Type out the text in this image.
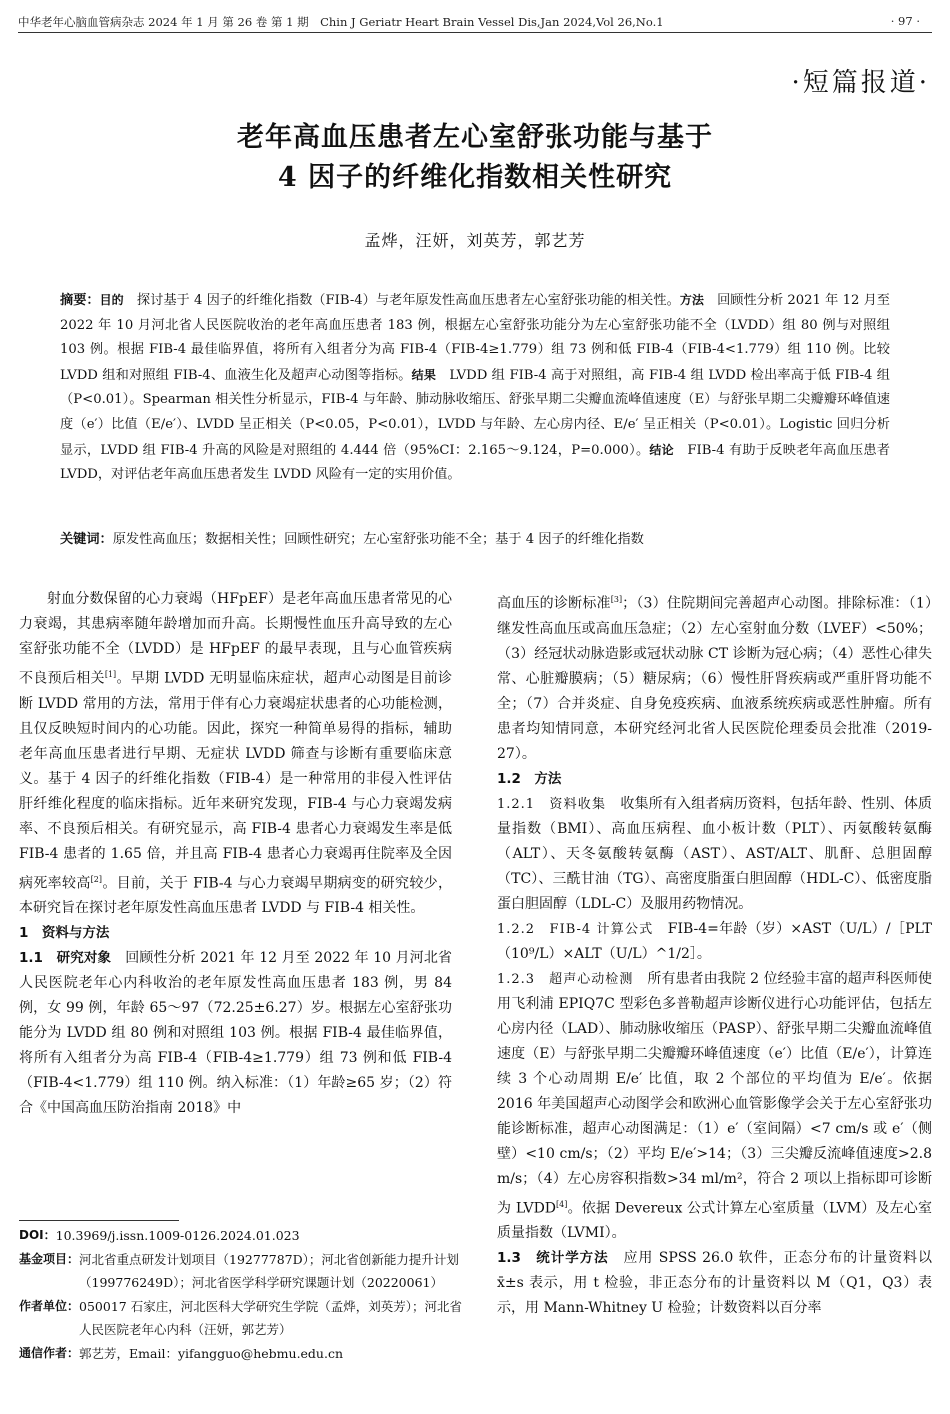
中华老年心脑血管病杂志 2024 年 1 月 第 26 卷 第 1 期　Chin J Geriatr Heart Brain Vessel Dis,Jan 2024,Vol 26,No.1	· 97 ·
·短篇报道·
老年高血压患者左心室舒张功能与基于
4 因子的纤维化指数相关性研究
孟烨，汪妍，刘英芳，郭艺芳
摘要：目的　探讨基于 4 因子的纤维化指数（FIB-4）与老年原发性高血压患者左心室舒张功能的相关性。方法　回顾性分析 2021 年 12 月至 2022 年 10 月河北省人民医院收治的老年高血压患者 183 例，根据左心室舒张功能分为左心室舒张功能不全（LVDD）组 80 例与对照组 103 例。根据 FIB-4 最佳临界值，将所有入组者分为高 FIB-4（FIB-4≥1.779）组 73 例和低 FIB-4（FIB-4<1.779）组 110 例。比较 LVDD 组和对照组 FIB-4、血液生化及超声心动图等指标。结果　LVDD 组 FIB-4 高于对照组，高 FIB-4 组 LVDD 检出率高于低 FIB-4 组（P<0.01）。Spearman 相关性分析显示，FIB-4 与年龄、肺动脉收缩压、舒张早期二尖瓣血流峰值速度（E）与舒张早期二尖瓣瓣环峰值速度（e′）比值（E/e′）、LVDD 呈正相关（P<0.05，P<0.01），LVDD 与年龄、左心房内径、E/e′ 呈正相关（P<0.01）。Logistic 回归分析显示，LVDD 组 FIB-4 升高的风险是对照组的 4.444 倍（95%CI：2.165～9.124，P=0.000）。结论　FIB-4 有助于反映老年高血压患者 LVDD，对评估老年高血压患者发生 LVDD 风险有一定的实用价值。
关键词：原发性高血压；数据相关性；回顾性研究；左心室舒张功能不全；基于 4 因子的纤维化指数

射血分数保留的心力衰竭（HFpEF）是老年高血压患者常见的心力衰竭，其患病率随年龄增加而升高。长期慢性血压升高导致的左心室舒张功能不全（LVDD）是 HFpEF 的最早表现，且与心血管疾病不良预后相关[1]。早期 LVDD 无明显临床症状，超声心动图是目前诊断 LVDD 常用的方法，常用于伴有心力衰竭症状患者的心功能检测，且仅反映短时间内的心功能。因此，探究一种简单易得的指标，辅助老年高血压患者进行早期、无症状 LVDD 筛查与诊断有重要临床意义。基于 4 因子的纤维化指数（FIB-4）是一种常用的非侵入性评估肝纤维化程度的临床指标。近年来研究发现，FIB-4 与心力衰竭发病率、不良预后相关。有研究显示，高 FIB-4 患者心力衰竭发生率是低 FIB-4 患者的 1.65 倍，并且高 FIB-4 患者心力衰竭再住院率及全因病死率较高[2]。目前，关于 FIB-4 与心力衰竭早期病变的研究较少，本研究旨在探讨老年原发性高血压患者 LVDD 与 FIB-4 相关性。

1　资料与方法

1.1　研究对象　回顾性分析 2021 年 12 月至 2022 年 10 月河北省人民医院老年心内科收治的老年原发性高血压患者 183 例，男 84 例，女 99 例，年龄 65～97（72.25±6.27）岁。根据左心室舒张功能分为 LVDD 组 80 例和对照组 103 例。根据 FIB-4 最佳临界值，将所有入组者分为高 FIB-4（FIB-4≥1.779）组 73 例和低 FIB-4（FIB-4<1.779）组 110 例。纳入标准：（1）年龄≥65 岁；（2）符合《中国高血压防治指南 2018》中

DOI： 10.3969/j.issn.1009-0126.2024.01.023
基金项目： 河北省重点研发计划项目（19277787D）；河北省创新能力提升计划（199776249D）；河北省医学科学研究课题计划（20220061）
作者单位： 050017 石家庄，河北医科大学研究生学院（孟烨，刘英芳）；河北省人民医院老年心内科（汪妍，郭艺芳）
通信作者： 郭艺芳，Email：yifangguo@hebmu.edu.cn

高血压的诊断标准[3]；（3）住院期间完善超声心动图。排除标准：（1）继发性高血压或高血压急症；（2）左心室射血分数（LVEF）<50%；（3）经冠状动脉造影或冠状动脉 CT 诊断为冠心病；（4）恶性心律失常、心脏瓣膜病；（5）糖尿病；（6）慢性肝肾疾病或严重肝肾功能不全；（7）合并炎症、自身免疫疾病、血液系统疾病或恶性肿瘤。所有患者均知情同意，本研究经河北省人民医院伦理委员会批准（2019-27）。

1.2　方法

1.2.1　资料收集　收集所有入组者病历资料，包括年龄、性别、体质量指数（BMI）、高血压病程、血小板计数（PLT）、丙氨酸转氨酶（ALT）、天冬氨酸转氨酶（AST）、AST/ALT、肌酐、总胆固醇（TC）、三酰甘油（TG）、高密度脂蛋白胆固醇（HDL-C）、低密度脂蛋白胆固醇（LDL-C）及服用药物情况。

1.2.2　FIB-4 计算公式　FIB-4=年龄（岁）×AST（U/L）/［PLT（10⁹/L）×ALT（U/L）^1/2］。

1.2.3　超声心动检测　所有患者由我院 2 位经验丰富的超声科医师使用飞利浦 EPIQ7C 型彩色多普勒超声诊断仪进行心功能评估，包括左心房内径（LAD）、肺动脉收缩压（PASP）、舒张早期二尖瓣血流峰值速度（E）与舒张早期二尖瓣瓣环峰值速度（e′）比值（E/e′），计算连续 3 个心动周期 E/e′ 比值，取 2 个部位的平均值为 E/e′。依据 2016 年美国超声心动图学会和欧洲心血管影像学会关于左心室舒张功能诊断标准，超声心动图满足：（1）e′（室间隔）<7 cm/s 或 e′（侧壁）<10 cm/s；（2）平均 E/e′>14；（3）三尖瓣反流峰值速度>2.8 m/s；（4）左心房容积指数>34 ml/m²，符合 2 项以上指标即可诊断为 LVDD[4]。依据 Devereux 公式计算左心室质量（LVM）及左心室质量指数（LVMI）。

1.3　统计学方法　应用 SPSS 26.0 软件，正态分布的计量资料以 x̄±s 表示，用 t 检验，非正态分布的计量资料以 M（Q1，Q3）表示，用 Mann-Whitney U 检验；计数资料以百分率
